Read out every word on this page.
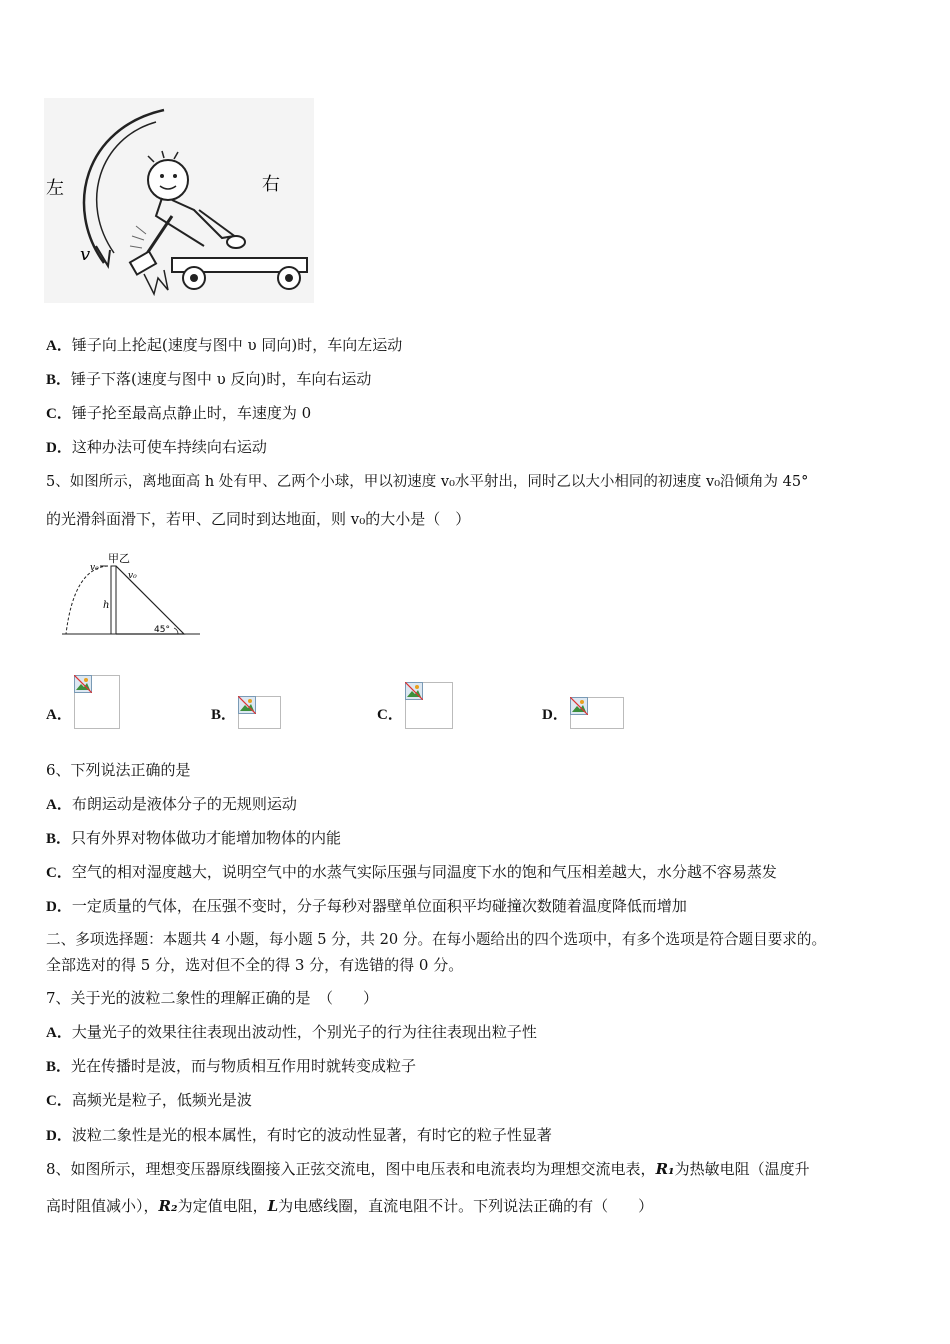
左	右
v
A．锤子向上抡起(速度与图中 υ 同向)时，车向左运动
B．锤子下落(速度与图中 υ 反向)时，车向右运动
C．锤子抡至最高点静止时，车速度为 0
D．这种办法可使车持续向右运动
5、如图所示，离地面高 h 处有甲、乙两个小球，甲以初速度 v₀水平射出，同时乙以大小相同的初速度 v₀沿倾角为 45°
的光滑斜面滑下，若甲、乙同时到达地面，则 v₀的大小是（　）
甲乙
v₀
v₀
h
45°
A．	B．	C．	D．
6、下列说法正确的是
A．布朗运动是液体分子的无规则运动
B．只有外界对物体做功才能增加物体的内能
C．空气的相对湿度越大，说明空气中的水蒸气实际压强与同温度下水的饱和气压相差越大，水分越不容易蒸发
D．一定质量的气体，在压强不变时，分子每秒对器壁单位面积平均碰撞次数随着温度降低而增加
二、多项选择题：本题共 4 小题，每小题 5 分，共 20 分。在每小题给出的四个选项中，有多个选项是符合题目要求的。
全部选对的得 5 分，选对但不全的得 3 分，有选错的得 0 分。
7、关于光的波粒二象性的理解正确的是　（　　）
A．大量光子的效果往往表现出波动性，个别光子的行为往往表现出粒子性
B．光在传播时是波，而与物质相互作用时就转变成粒子
C．高频光是粒子，低频光是波
D．波粒二象性是光的根本属性，有时它的波动性显著，有时它的粒子性显著
8、如图所示，理想变压器原线圈接入正弦交流电，图中电压表和电流表均为理想交流电表，R₁为热敏电阻（温度升
高时阻值减小），R₂为定值电阻，L为电感线圈，直流电阻不计。下列说法正确的有（　　）
